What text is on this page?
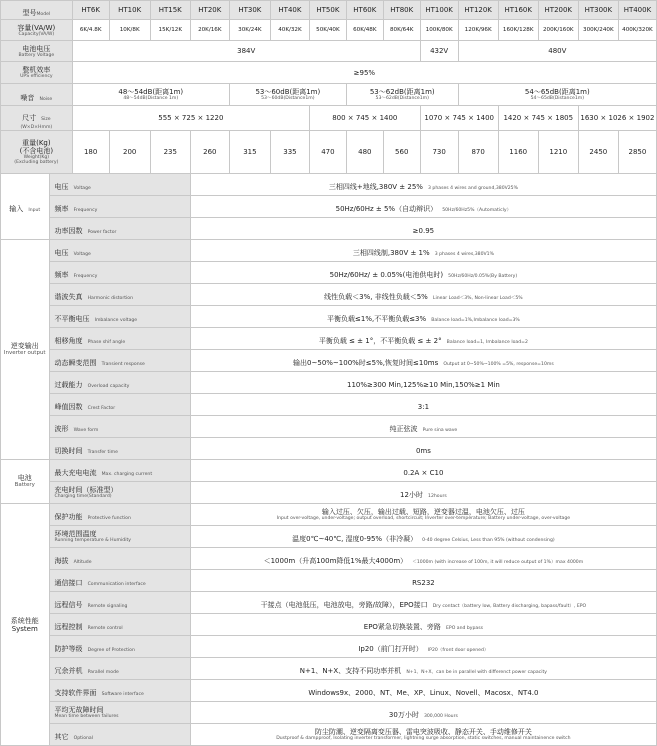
型号Model		HT6K	HT10K	HT15K	HT20K	HT30K	HT40K	HT50K	HT60K	HT80K	HT100K	HT120K	HT160K	HT200K	HT300K	HT400K

容量(VA/W)
Capacity(VA/W)		6K/4.8K	10K/8K	15K/12K	20K/16K	30K/24K	40K/32K	50K/40K	60K/48K	80K/64K	100K/80K	120K/96K	160K/128K	200K/160K	300K/240K	400K/320K

电池电压
Battery Voltage		384V									432V	480V				

整机效率
UPS efficiency		≥95%														
噪音 Noise		48～54dB(距离1m)
48～54dB(Distance 1m)				53～60dB(距离1m)
53～60dB(Distance1m)			53～62dB(距离1m)
53～62dB(Distance1m)			54～65dB(距离1m)
54～65dB(Distance1m)				

尺寸 Size
(W×D×Hmm)		555 × 725 × 1220						800 × 745 × 1400			1070 × 745 × 1400		1420 × 745 × 1805		1630 × 1026 × 1902	

重量(Kg)
(不含电池)
Weight(Kg)
(Excluding battery)		180	200	235	260	315	335	470	480	560	730	870	1160	1210	2450	2850
输入 Input	电压 Voltage				三相四线+地线,380V ± 25% 3 phases 4 wires and ground,380V25%											
	频率 Frequency				50Hz/60Hz ± 5%（自动辩识） 50Hz/60Hz5%（Automaticly）											
	功率因数 Power factor				≥0.95											

逆变输出
Inverter output	电压 Voltage				三相四线制,380V ± 1% 3 phases 4 wires,380V1%											
	频率 Frequency				50Hz/60Hz/ ± 0.05%(电池供电时) 50Hz/60Hz/0.05%(By Battery)											
	谐波失真 Harmonic distortion				线性负载＜3%, 非线性负载＜5% Linear Load＜3%, Non-linear Load＜5%											
	不平衡电压 Imbalance voltage				平衡负载≤1%,不平衡负载≤3% Balance load=1%,Imbalance load=3%											
	相移角度 Phase shif angle				平衡负载 ≤ ± 1°，不平衡负载 ≤ ± 2° Balance load=1, Imbalance load=2											
	动态瞬变范围 Transient response				输出0~50%~100%时≤5%,恢复时间≤10ms Output at 0~50%~100% =5%, response=10ms											
	过载能力 Overload capacity				110%≥300 Min,125%≥10 Min,150%≥1 Min											
	峰值因数 Crest Factor				3:1											
	波形 Wave form				纯正弦波 Pure sina wave											
	切换时间 Transfer time				0ms											

电池
Battery	最大充电电流 Max. charging current				0.2A × C10											

	充电时间（标准型）
Charging time(Standard)				12小时 12hours											

系统性能
System	保护功能 Protective function				输入过压、欠压，输出过载、短路，逆变器过温，电池欠压、过压
Input over-voltage, under-voltage; output overload, shortcircuit; Inverter over-temperature; Battery under-voltage, over-voltage											

	环境范围温度
Running temperature & Humidity				温度0℃~40℃, 湿度0-95%（非冷凝） 0-40 degree Celsius, Less than 95% (without condensing)											
	海拔 Altitude				＜1000m（升高100m降低1%最大4000m） ＜1000m (with increase of 100m, it will reduce output of 1%）max 4000m											
	通信接口 Communication interface				RS232											
	远程信号 Remote signaling				干接点（电池低压，电池放电，旁路/故障），EPO接口 Dry contact（battery low, Battery discharging, bapass/fault）, EPO											
	远程控制 Remote control				EPO紧急切换装置、旁路 EPO and bypass											
	防护等级 Degree of Protection				Ip20（前门打开时） IP20（front door opened）											
	冗余并机 Parallel mode				N+1、N+X、支持不同功率并机 N+1、N+X、can be in parallel with differenct power capacity											
	支持软件界面 Software interface				Windows9x、2000、NT、Me、XP、Linux、Novell、Macosx、NT4.0											

	平均无故障时间
Mean time between failures				30万小时 300,000 Hours											
	其它 Optional				防尘防潮、逆变隔离变压器、雷电突波吸收、静态开关、手动维修开关
Dustproof & dampproof, Isolating inverter transformer, lightning surge absorption, static switches, manual maintainence switch											
